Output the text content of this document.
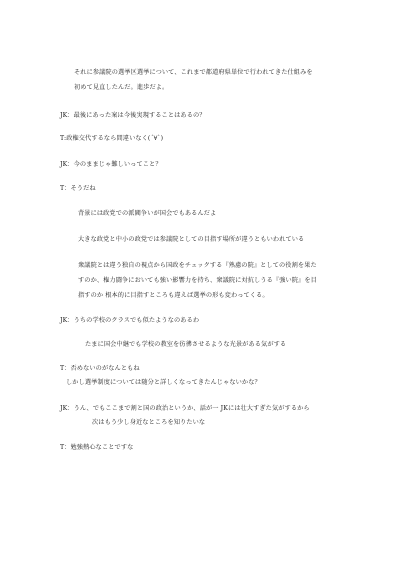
それに参議院の選挙区選挙について、これまで都道府県単位で行われてきた仕組みを
初めて見直したんだ。進歩だよ。
JK：最後にあった案は今後実現することはあるの？
T:政権交代するなら間違いなく(´∀`)
JK：今のままじゃ難しいってこと？
T：そうだね
背景には政党での派閥争いが国会でもあるんだよ
大きな政党と中小の政党では参議院としての目指す場所が違うともいわれている
衆議院とは違う独自の視点から国政をチェックする『熟慮の院』としての役割を果た
すのか、権力闘争においても強い影響力を持ち、衆議院に対抗しうる『強い院』を目
指すのか 根本的に目指すところも違えば選挙の形も変わってくる。
JK：うちの学校のクラスでも似たようなのあるわ
たまに国会中継でも学校の教室を彷彿させるような光景がある気がする
T：否めないのがなんともね
しかし選挙制度については随分と詳しくなってきたんじゃないかな？
JK：うん、でもここまで割と国の政治というか、話が一 JKには壮大すぎた気がするから
次はもう少し身近なところを知りたいな
T：勉強熱心なことですな
